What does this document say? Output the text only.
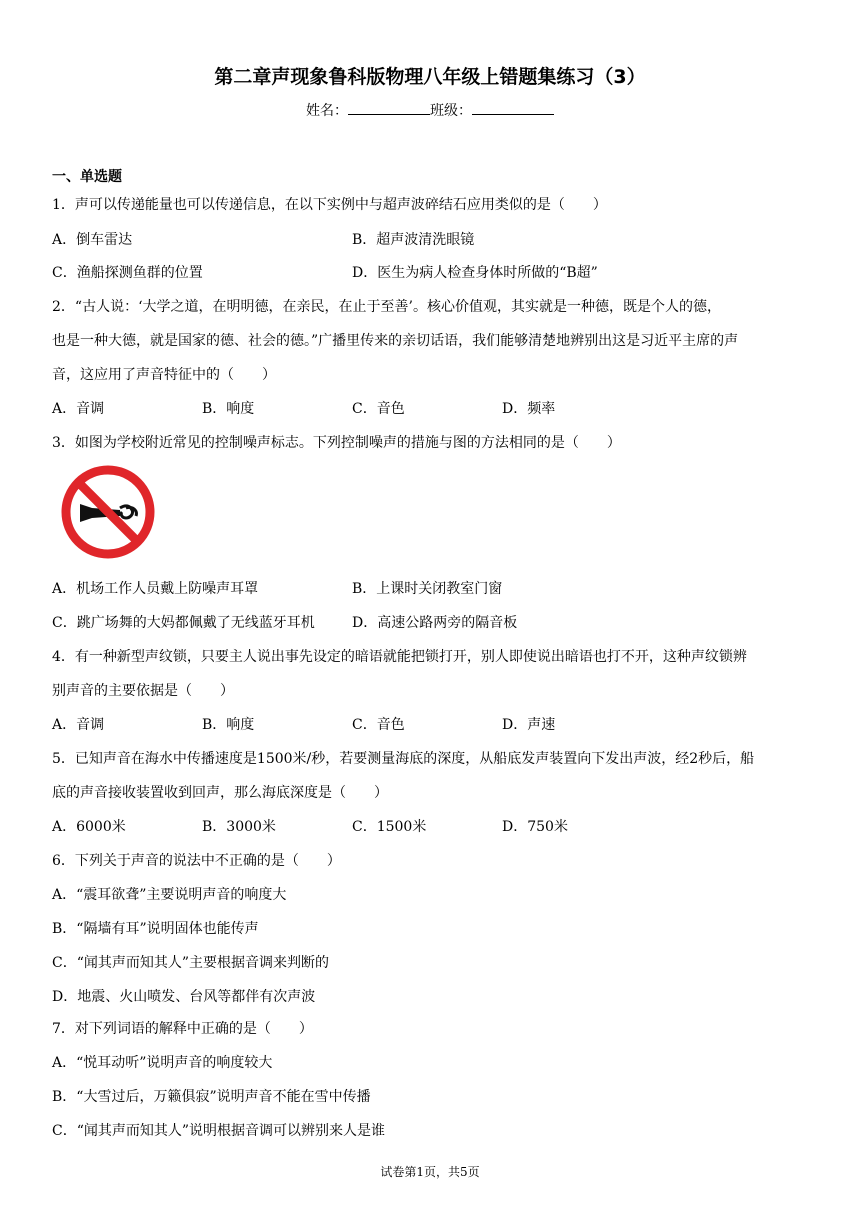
第二章声现象鲁科版物理八年级上错题集练习（3）
姓名：	班级：
一、单选题
1．声可以传递能量也可以传递信息，在以下实例中与超声波碎结石应用类似的是（　　）
A．倒车雷达	B．超声波清洗眼镜
C．渔船探测鱼群的位置	D．医生为病人检查身体时所做的“B超”
2．“古人说：‘大学之道，在明明德，在亲民，在止于至善’。核心价值观，其实就是一种德，既是个人的德，
也是一种大德，就是国家的德、社会的德。”广播里传来的亲切话语，我们能够清楚地辨别出这是习近平主席的声
音，这应用了声音特征中的（　　）
A．音调	B．响度	C．音色	D．频率
3．如图为学校附近常见的控制噪声标志。下列控制噪声的措施与图的方法相同的是（　　）
A．机场工作人员戴上防噪声耳罩	B．上课时关闭教室门窗
C．跳广场舞的大妈都佩戴了无线蓝牙耳机	D．高速公路两旁的隔音板
4．有一种新型声纹锁，只要主人说出事先设定的暗语就能把锁打开，别人即使说出暗语也打不开，这种声纹锁辨
别声音的主要依据是（　　）
A．音调	B．响度	C．音色	D．声速
5．已知声音在海水中传播速度是1500米/秒，若要测量海底的深度，从船底发声装置向下发出声波，经2秒后，船
底的声音接收装置收到回声，那么海底深度是（　　）
A．6000米	B．3000米	C．1500米	D．750米
6．下列关于声音的说法中不正确的是（　　）
A．“震耳欲聋”主要说明声音的响度大
B．“隔墙有耳”说明固体也能传声
C．“闻其声而知其人”主要根据音调来判断的
D．地震、火山喷发、台风等都伴有次声波
7．对下列词语的解释中正确的是（　　）
A．“悦耳动听”说明声音的响度较大
B．“大雪过后，万籁俱寂”说明声音不能在雪中传播
C．“闻其声而知其人”说明根据音调可以辨别来人是谁
试卷第1页，共5页
